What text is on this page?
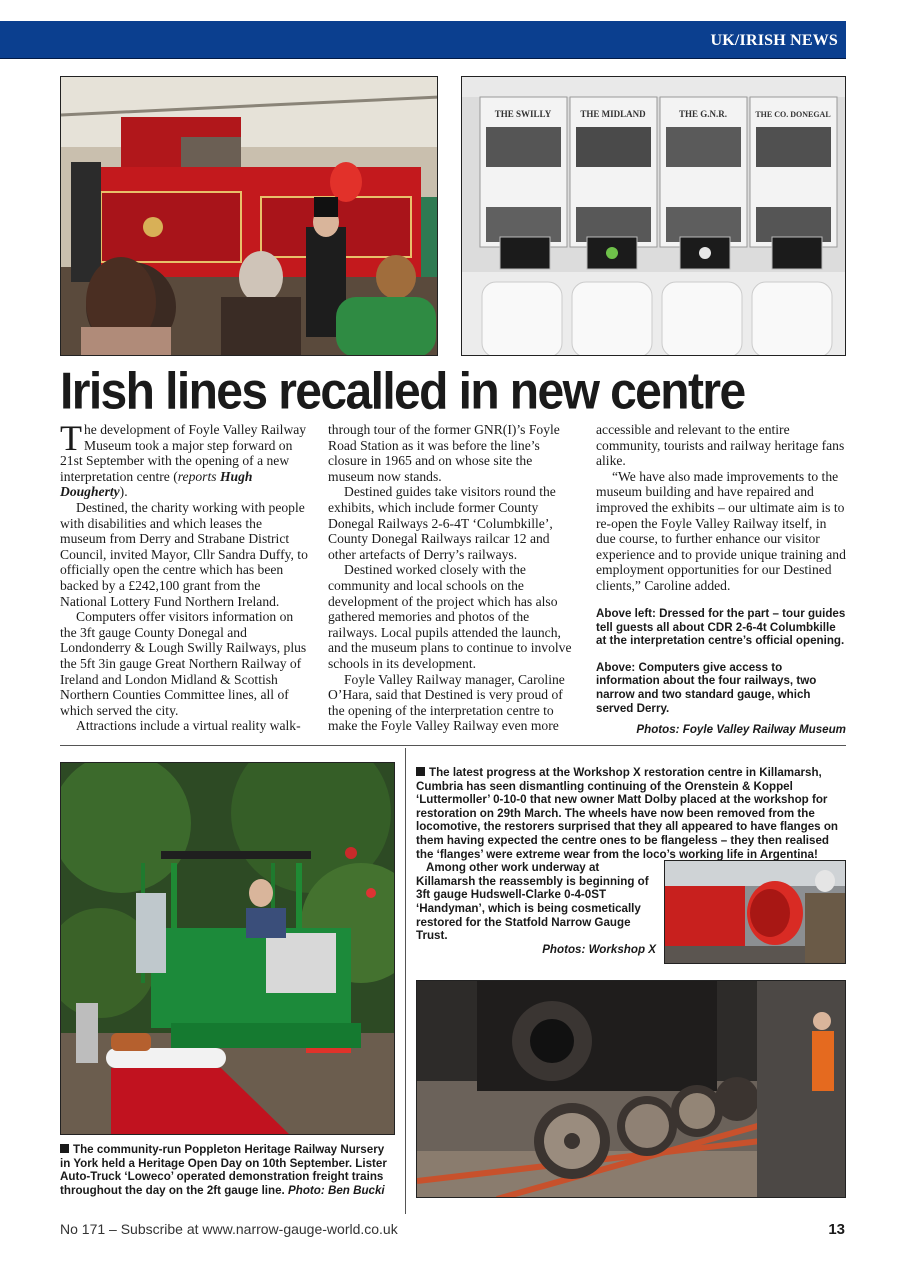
UK/IRISH NEWS
THE SWILLY	THE MIDLAND	THE G.N.R.	THE CO. DONEGAL
Irish lines recalled in new centre

The development of Foyle Valley Railway Museum took a major step forward on 21st September with the opening of a new interpretation centre (reports Hugh Dougherty).

Destined, the charity working with people with disabilities and which leases the museum from Derry and Strabane District Council, invited Mayor, Cllr Sandra Duffy, to officially open the centre which has been backed by a £242,100 grant from the National Lottery Fund Northern Ireland.

Computers offer visitors information on the 3ft gauge County Donegal and Londonderry & Lough Swilly Railways, plus the 5ft 3in gauge Great Northern Railway of Ireland and London Midland & Scottish Northern Counties Committee lines, all of which served the city.

Attractions include a virtual reality walk-

through tour of the former GNR(I)’s Foyle Road Station as it was before the line’s closure in 1965 and on whose site the museum now stands.

Destined guides take visitors round the exhibits, which include former County Donegal Railways 2-6-4T ‘Columbkille’, County Donegal Railways railcar 12 and other artefacts of Derry’s railways.

Destined worked closely with the community and local schools on the development of the project which has also gathered memories and photos of the railways. Local pupils attended the launch, and the museum plans to continue to involve schools in its development.

Foyle Valley Railway manager, Caroline O’Hara, said that Destined is very proud of the opening of the interpretation centre to make the Foyle Valley Railway even more

accessible and relevant to the entire community, tourists and railway heritage fans alike.

“We have also made improvements to the museum building and have repaired and improved the exhibits – our ultimate aim is to re-open the Foyle Valley Railway itself, in due course, to further enhance our visitor experience and to provide unique training and employment opportunities for our Destined clients,” Caroline added.

Above left: Dressed for the part – tour guides tell guests all about CDR 2-6-4t Columbkille at the interpretation centre’s official opening.

Above: Computers give access to information about the four railways, two narrow and two standard gauge, which served Derry.

Photos: Foyle Valley Railway Museum

The community-run Poppleton Heritage Railway Nursery in York held a Heritage Open Day on 10th September. Lister Auto-Truck ‘Loweco’ operated demonstration freight trains throughout the day on the 2ft gauge line. Photo: Ben Bucki

The latest progress at the Workshop X restoration centre in Killamarsh, Cumbria has seen dismantling continuing of the Orenstein & Koppel ‘Luttermoller’ 0-10-0 that new owner Matt Dolby placed at the workshop for restoration on 29th March. The wheels have now been removed from the locomotive, the restorers surprised that they all appeared to have flanges on them having expected the centre ones to be flangeless – they then realised the ‘flanges’ were extreme wear from the loco’s working life in Argentina!

Among other work underway at Killamarsh the reassembly is beginning of 3ft gauge Hudswell-Clarke 0-4-0ST ‘Handyman’, which is being cosmetically restored for the Statfold Narrow Gauge Trust.

Photos: Workshop X

No 171 – Subscribe at www.narrow-gauge-world.co.uk	13
